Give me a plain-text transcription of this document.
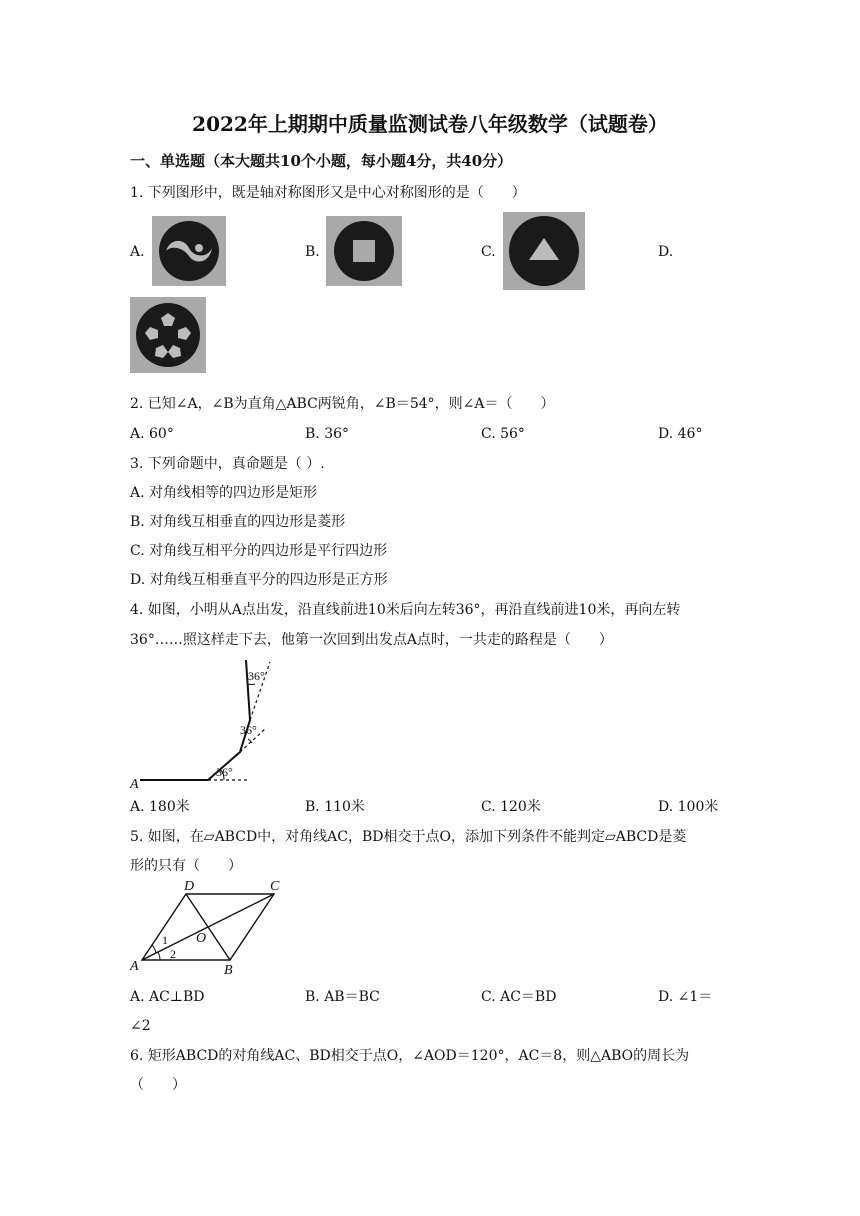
2022年上期期中质量监测试卷八年级数学（试题卷）
一、单选题（本大题共10个小题，每小题4分，共40分）
1. 下列图形中，既是轴对称图形又是中心对称图形的是（　　）
A.	B.	C.	D.
2. 已知∠A，∠B为直角△ABC两锐角，∠B＝54°，则∠A＝（　　）
A. 60°	B. 36°	C. 56°	D. 46°
3. 下列命题中，真命题是（ ）.
A. 对角线相等的四边形是矩形
B. 对角线互相垂直的四边形是菱形
C. 对角线互相平分的四边形是平行四边形
D. 对角线互相垂直平分的四边形是正方形
4. 如图，小明从A点出发，沿直线前进10米后向左转36°，再沿直线前进10米，再向左转
36°……照这样走下去，他第一次回到出发点A点时，一共走的路程是（　　）
36°
36°
36°
A
A. 180米	B. 110米	C. 120米	D. 100米
5. 如图，在▱ABCD中，对角线AC，BD相交于点O，添加下列条件不能判定▱ABCD是菱
形的只有（　　）
A	B
C
D
O
1
2
A. AC⊥BD	B. AB＝BC	C. AC＝BD	D. ∠1＝
∠2
6. 矩形ABCD的对角线AC、BD相交于点O，∠AOD＝120°，AC＝8，则△ABO的周长为
（　　）
